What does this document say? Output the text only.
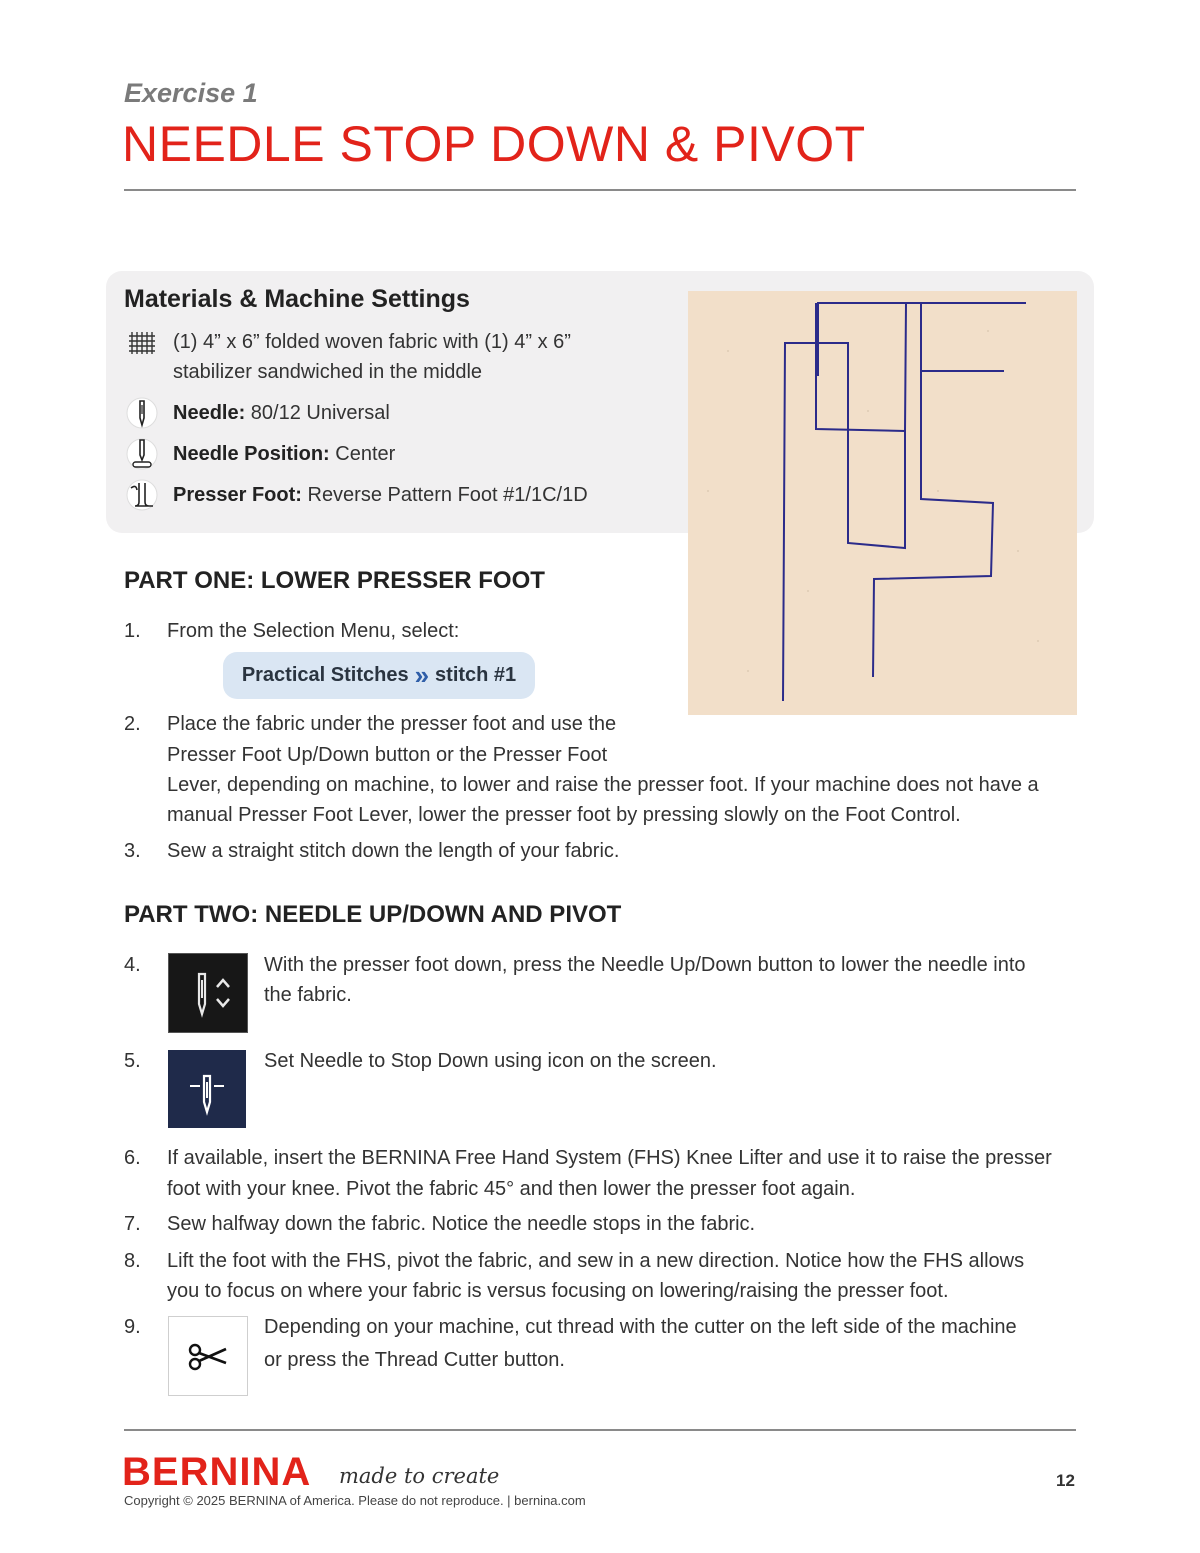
Exercise 1
NEEDLE STOP DOWN & PIVOT
Materials & Machine Settings
(1) 4” x 6” folded woven fabric with (1) 4” x 6”
stabilizer sandwiched in the middle
Needle: 80/12 Universal
Needle Position: Center
Presser Foot: Reverse Pattern Foot #1/1C/1D
PART ONE: LOWER PRESSER FOOT
1. From the Selection Menu, select:
Practical Stitches » stitch #1
2. Place the fabric under the presser foot and use the
Presser Foot Up/Down button or the Presser Foot
Lever, depending on machine, to lower and raise the presser foot. If your machine does not have a
manual Presser Foot Lever, lower the presser foot by pressing slowly on the Foot Control.
3. Sew a straight stitch down the length of your fabric.
PART TWO: NEEDLE UP/DOWN AND PIVOT
4.	With the presser foot down, press the Needle Up/Down button to lower the needle into
the fabric.
5.	Set Needle to Stop Down using icon on the screen.
6. If available, insert the BERNINA Free Hand System (FHS) Knee Lifter and use it to raise the presser
foot with your knee. Pivot the fabric 45° and then lower the presser foot again.
7. Sew halfway down the fabric. Notice the needle stops in the fabric.
8. Lift the foot with the FHS, pivot the fabric, and sew in a new direction. Notice how the FHS allows
you to focus on where your fabric is versus focusing on lowering/raising the presser foot.
9.	Depending on your machine, cut thread with the cutter on the left side of the machine
or press the Thread Cutter button.
BERNINA made to create
Copyright © 2025 BERNINA of America. Please do not reproduce. | bernina.com
12
